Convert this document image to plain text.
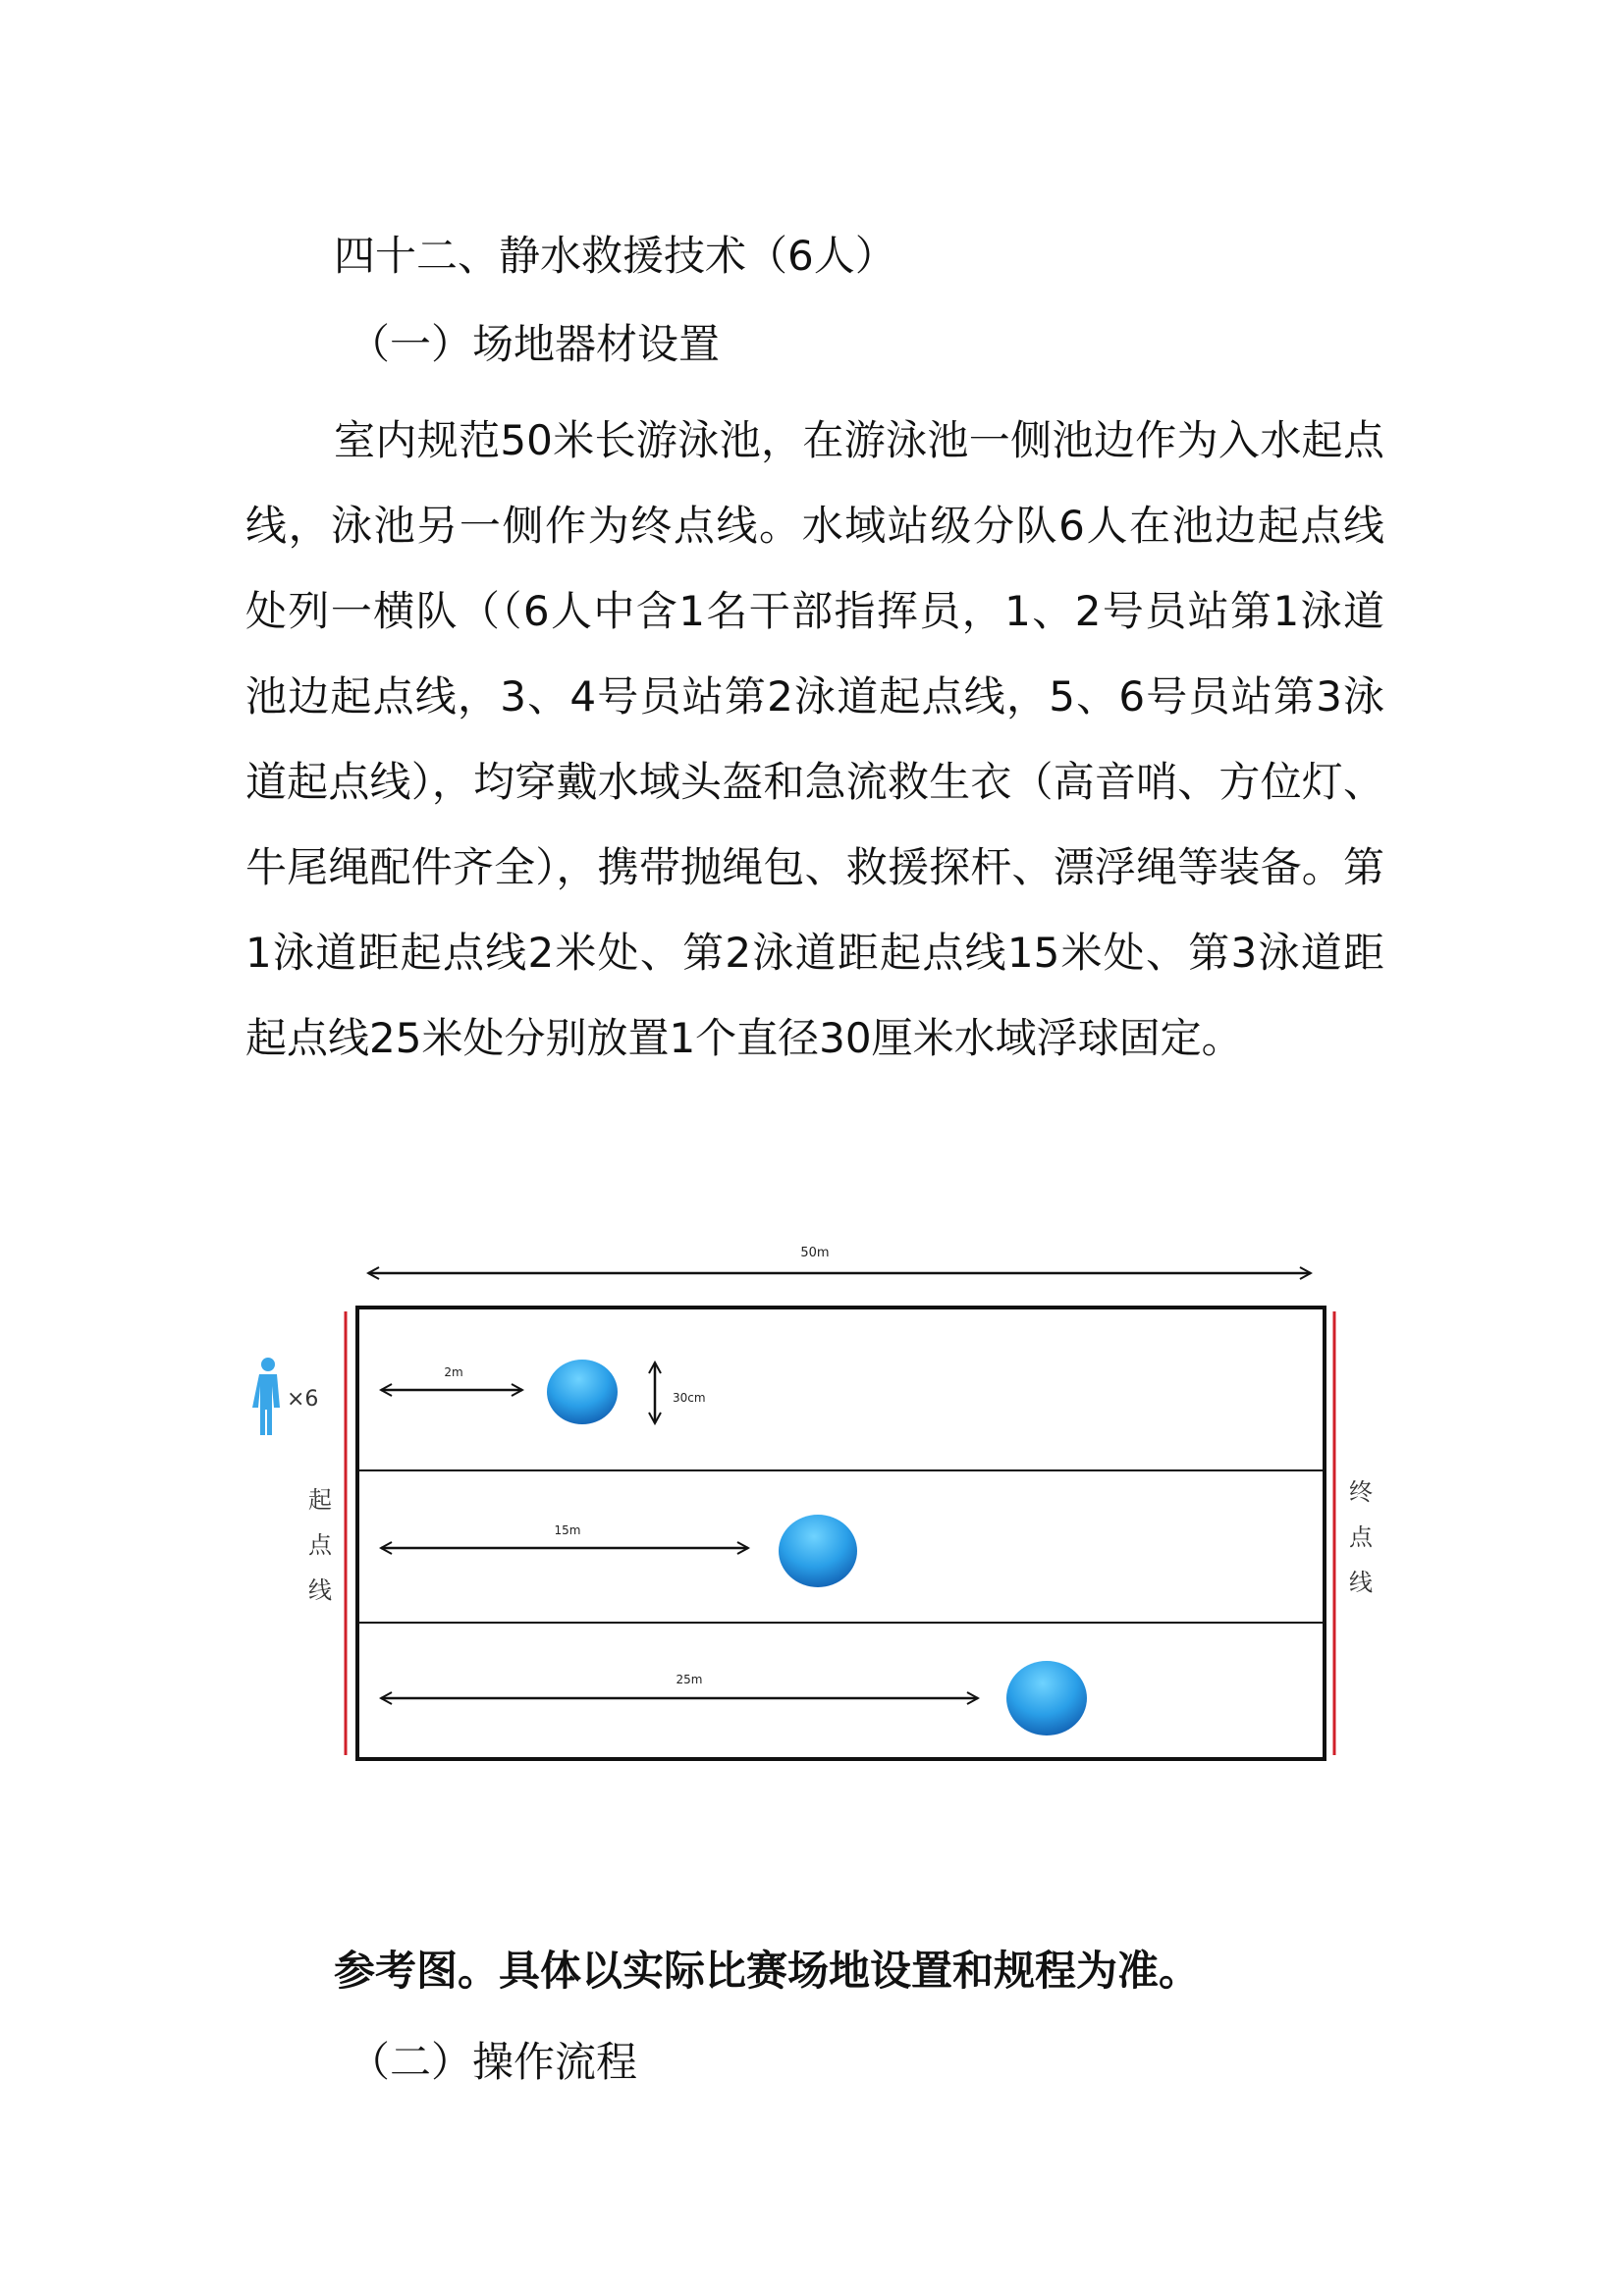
四十二、静水救援技术（6人）
（一）场地器材设置

室内规范50米长游泳池，在游泳池一侧池边作为入水起点线，泳池另一侧作为终点线。水域站级分队6人在池边起点线处列一横队（（6人中含1名干部指挥员，1、2号员站第1泳道池边起点线，3、4号员站第2泳道起点线，5、6号员站第3泳道起点线），均穿戴水域头盔和急流救生衣（高音哨、方位灯、牛尾绳配件齐全），携带抛绳包、救援探杆、漂浮绳等装备。第1泳道距起点线2米处、第2泳道距起点线15米处、第3泳道距起点线25米处分别放置1个直径30厘米水域浮球固定。

50m
×6
起
点
线
终
点
线
2m
30cm
15m
25m
参考图。具体以实际比赛场地设置和规程为准。
（二）操作流程
